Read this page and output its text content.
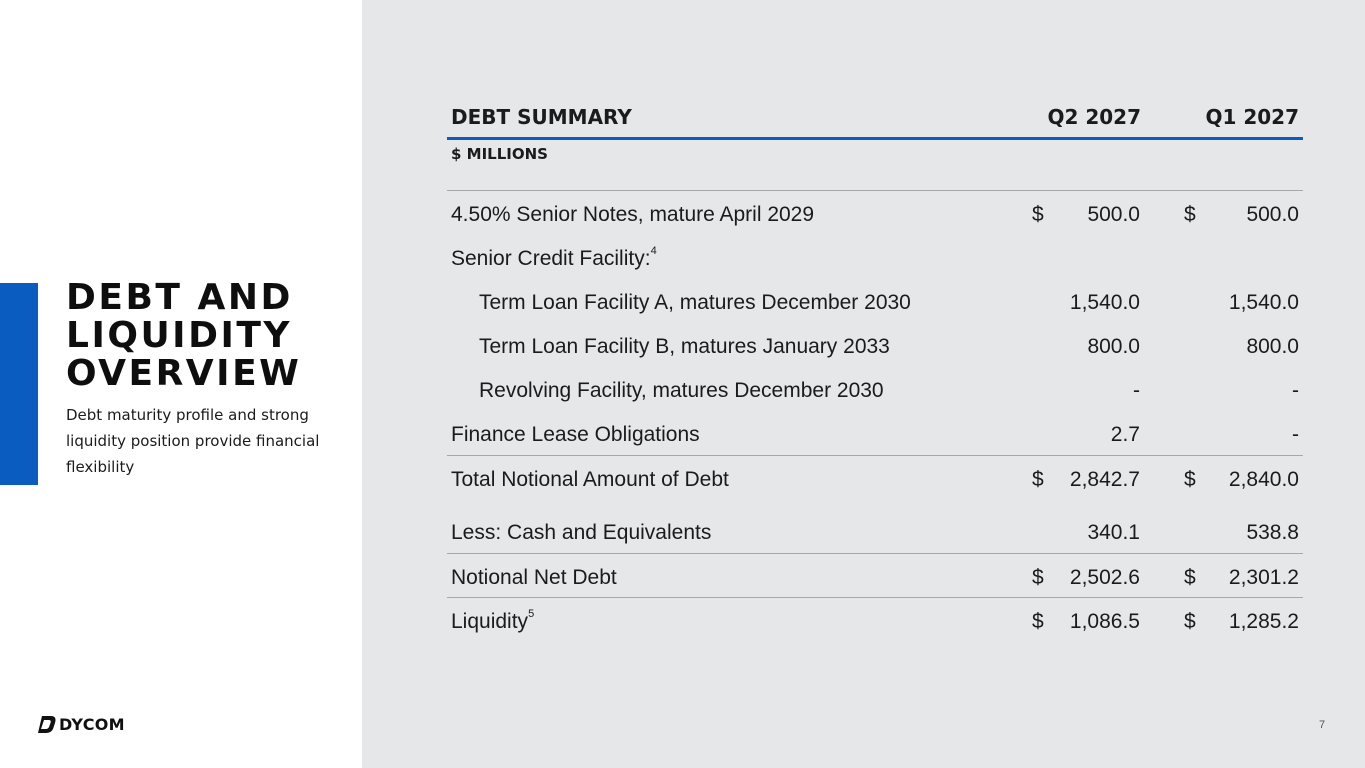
DEBT AND
LIQUIDITY
OVERVIEW
Debt maturity profile and strong liquidity position provide financial flexibility
DYCOM	7
DEBT SUMMARY	Q2 2027	Q1 2027
$ MILLIONS
4.50% Senior Notes, mature April 2029	$ 500.0 $ 500.0
Senior Credit Facility:$^4$
Term Loan Facility A, matures December 2030	1,540.0	1,540.0
Term Loan Facility B, matures January 2033	800.0	800.0
Revolving Facility, matures December 2030	-	-
Finance Lease Obligations	2.7	-
Total Notional Amount of Debt	$ 2,842.7 $ 2,840.0
Less: Cash and Equivalents	340.1	538.8
Notional Net Debt	$ 2,502.6 $ 2,301.2
Liquidity$^5$	$ 1,086.5 $ 1,285.2
